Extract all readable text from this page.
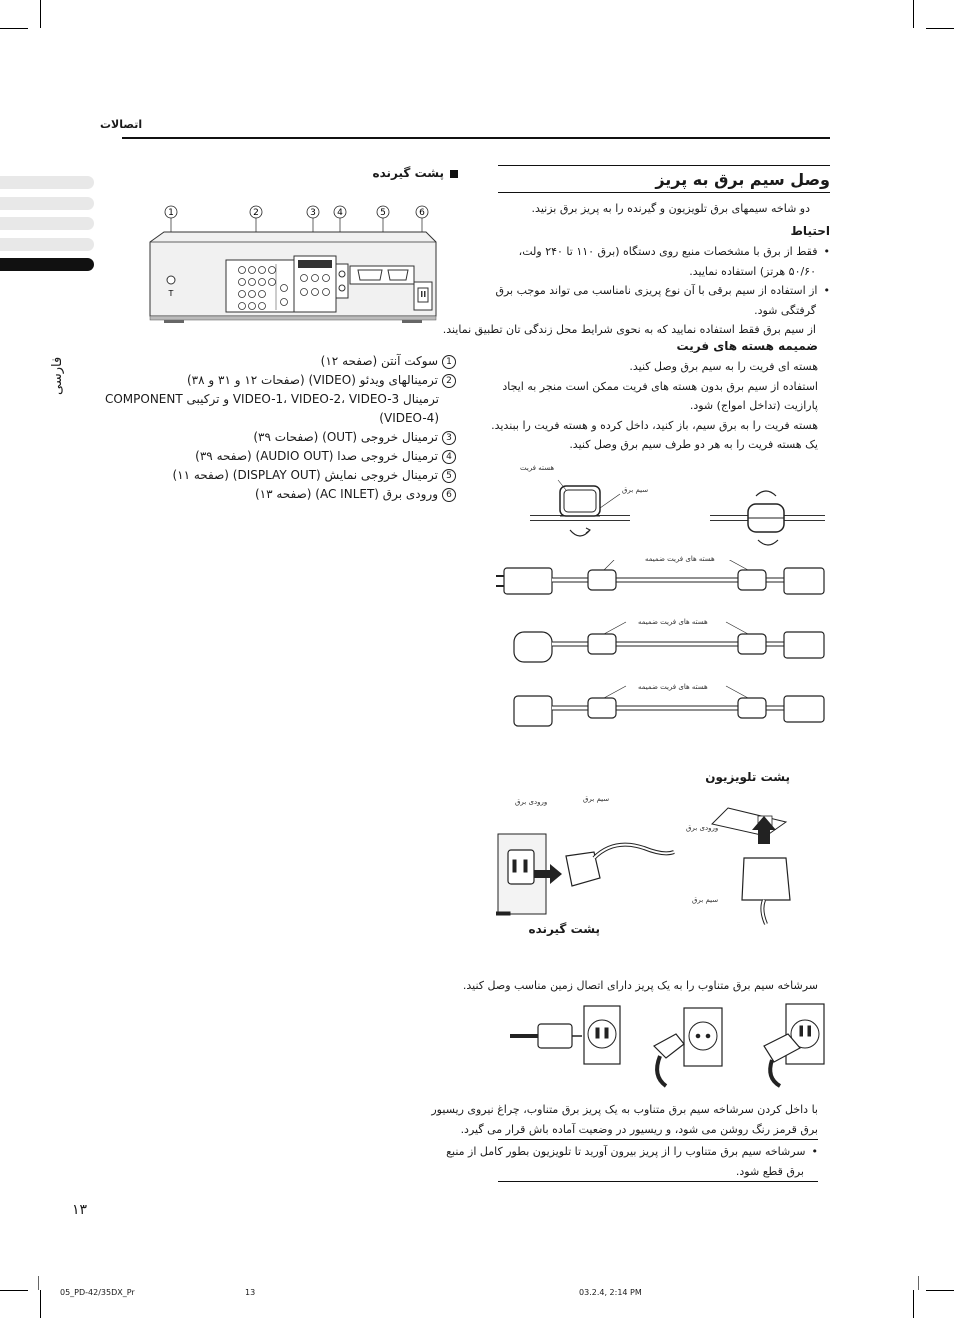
فارسی
اتصالات
پشت گیرنده
1	2	3 4	5	6
T
1سوکت آنتن (صفحه ۱۲)
2ترمینالهای ویدئو (VIDEO) (صفحات ۱۲ و ۳۱ و ۳۸)
ترمینال VIDEO-1، VIDEO-2، VIDEO-3 و ترکیبی COMPONENT
(VIDEO-4)
3ترمینال خروجی (OUT) (صفحات ۳۹)
4ترمینال خروجی صدا (AUDIO OUT) (صفحه ۳۹)
5ترمینال خروجی نمایش (DISPLAY OUT) (صفحه ۱۱)
6ورودی برق (AC INLET) (صفحه ۱۳)
وصل سیم برق به پریز
دو شاخه سیمهای برق تلویزیون و گیرنده را به پریز برق بزنید.
احتیاط
•فقط از برق با مشخصات منبع روی دستگاه (برق ۱۱۰ تا ۲۴۰ ولت،
۵۰/۶۰ هرتز) استفاده نمایید.
•از استفاده از سیم برقی با آن نوع پریزی نامناسب می تواند موجب برق
گرفتگی شود.
از سیم برق فقط استفاده نمایید که به نحوی شرایط محل زندگی تان تطبیق نمایند.
ضمیمه هسته های فریت
هسته ای فریت را به سیم برق وصل کنید.
استفاده از سیم برق بدون هسته های فریت ممکن است منجر به ایجاد
پارازیت (تداخل امواج) شود.
هسته فریت را به برق سیم، باز کنید، داخل کرده و هسته فریت را ببندید.
یک هسته فریت را به هر دو طرف سیم برق وصل کنید.
هسته فریت
سیم برق
هسته های فریت ضمیمه
هسته های فریت ضمیمه
هسته های فریت ضمیمه
پشت تلویزیون
ورودی برق	سیم برق
ورودی برق
سیم برق
پشت گیرنده
سرشاخه سیم برق متناوب را به یک پریز دارای اتصال زمین مناسب وصل کنید.
با داخل کردن سرشاخه سیم برق متناوب به یک پریز برق متناوب، چراغ نیروی ریسیور
برق قرمز رنگ روشن می شود، و ریسیور در وضعیت آماده باش قرار می گیرد.
•سرشاخه سیم برق متناوب را از پریز بیرون آورید تا تلویزیون بطور کامل از منبع
برق قطع شود.
۱۳
05_PD-42/35DX_Pr	13	03.2.4, 2:14 PM
